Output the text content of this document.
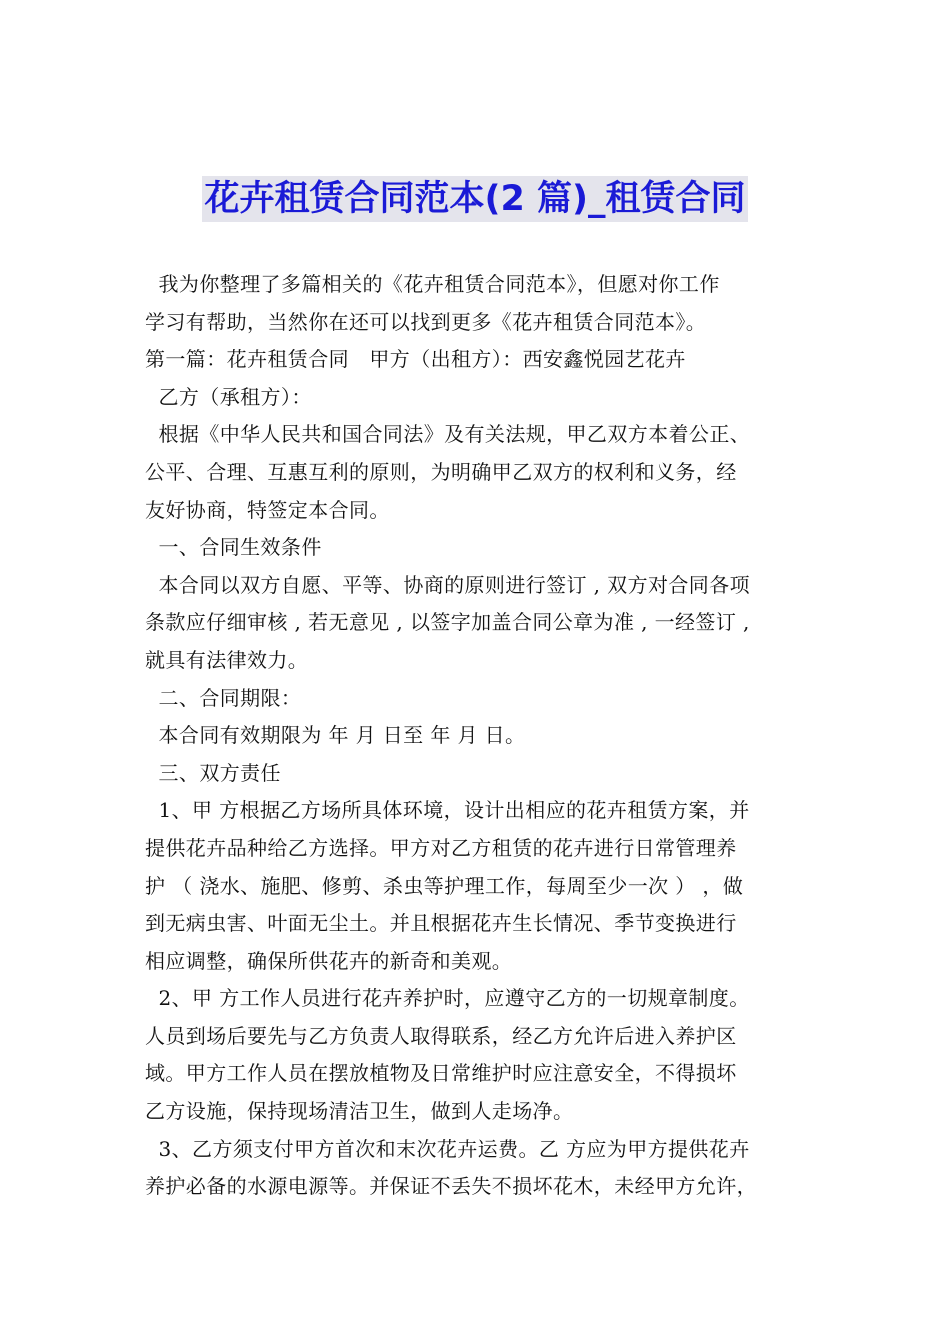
花卉租赁合同范本(2 篇)_租赁合同
我为你整理了多篇相关的《花卉租赁合同范本》，但愿对你工作
学习有帮助，当然你在还可以找到更多《花卉租赁合同范本》。
第一篇：花卉租赁合同　甲方（出租方）：西安鑫悦园艺花卉
乙方（承租方）：
根据《中华人民共和国合同法》及有关法规，甲乙双方本着公正、
公平、合理、互惠互利的原则，为明确甲乙双方的权利和义务，经
友好协商，特签定本合同。
一、合同生效条件
本合同以双方自愿、平等、协商的原则进行签订 , 双方对合同各项
条款应仔细审核 , 若无意见 , 以签字加盖合同公章为准 , 一经签订 ,
就具有法律效力。
二、合同期限：
本合同有效期限为 年 月 日至 年 月 日。
三、双方责任
1、甲 方根据乙方场所具体环境，设计出相应的花卉租赁方案，并
提供花卉品种给乙方选择。甲方对乙方租赁的花卉进行日常管理养
护 （ 浇水、施肥、修剪、杀虫等护理工作，每周至少一次 ） ，做
到无病虫害、叶面无尘土。并且根据花卉生长情况、季节变换进行
相应调整，确保所供花卉的新奇和美观。
2、甲 方工作人员进行花卉养护时，应遵守乙方的一切规章制度。
人员到场后要先与乙方负责人取得联系，经乙方允许后进入养护区
域。甲方工作人员在摆放植物及日常维护时应注意安全，不得损坏
乙方设施，保持现场清洁卫生，做到人走场净。
3、乙方须支付甲方首次和末次花卉运费。乙 方应为甲方提供花卉
养护必备的水源电源等。并保证不丢失不损坏花木，未经甲方允许，
